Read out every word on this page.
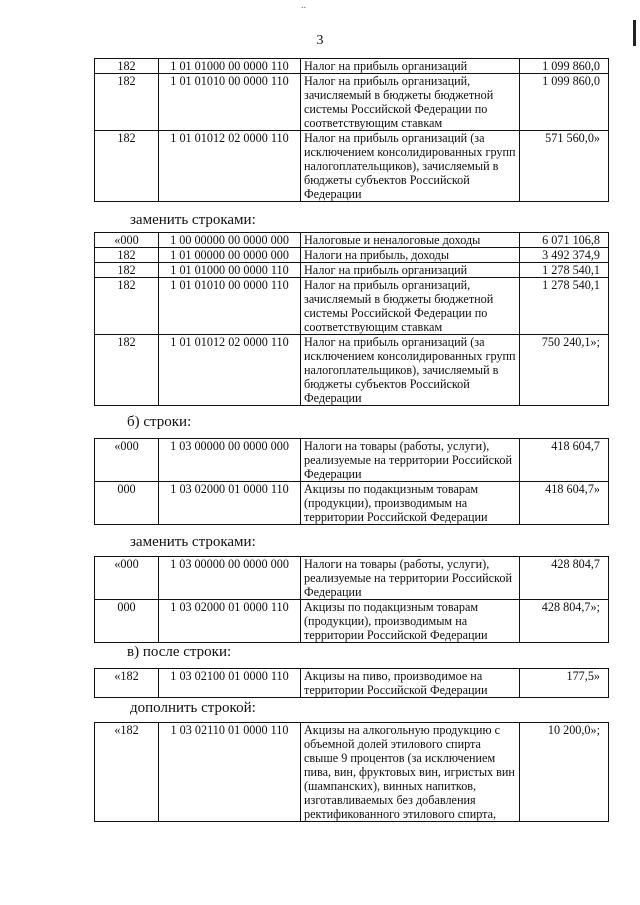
..
3
182	1 01 01000 00 0000 110	Налог на прибыль организаций	1 099 860,0
182	1 01 01010 00 0000 110	Налог на прибыль организаций, зачисляемый в бюджеты бюджетной системы Российской Федерации по соответствующим ставкам	1 099 860,0
182	1 01 01012 02 0000 110	Налог на прибыль организаций (за исключением консолидированных групп налогоплательщиков), зачисляемый в бюджеты субъектов Российской Федерации	571 560,0»
заменить строками:
«000	1 00 00000 00 0000 000	Налоговые и неналоговые доходы	6 071 106,8
182	1 01 00000 00 0000 000	Налоги на прибыль, доходы	3 492 374,9
182	1 01 01000 00 0000 110	Налог на прибыль организаций	1 278 540,1
182	1 01 01010 00 0000 110	Налог на прибыль организаций, зачисляемый в бюджеты бюджетной системы Российской Федерации по соответствующим ставкам	1 278 540,1
182	1 01 01012 02 0000 110	Налог на прибыль организаций (за исключением консолидированных групп налогоплательщиков), зачисляемый в бюджеты субъектов Российской Федерации	750 240,1»;
б) строки:
«000	1 03 00000 00 0000 000	Налоги на товары (работы, услуги), реализуемые на территории Российской Федерации	418 604,7
000	1 03 02000 01 0000 110	Акцизы по подакцизным товарам (продукции), производимым на территории Российской Федерации	418 604,7»
заменить строками:
«000	1 03 00000 00 0000 000	Налоги на товары (работы, услуги), реализуемые на территории Российской Федерации	428 804,7
000	1 03 02000 01 0000 110	Акцизы по подакцизным товарам (продукции), производимым на территории Российской Федерации	428 804,7»;
в) после строки:
«182	1 03 02100 01 0000 110	Акцизы на пиво, производимое на территории Российской Федерации	177,5»
дополнить строкой:
«182	1 03 02110 01 0000 110	Акцизы на алкогольную продукцию с объемной долей этилового спирта свыше 9 процентов (за исключением пива, вин, фруктовых вин, игристых вин (шампанских), винных напитков, изготавливаемых без добавления ректификованного этилового спирта,	10 200,0»;
